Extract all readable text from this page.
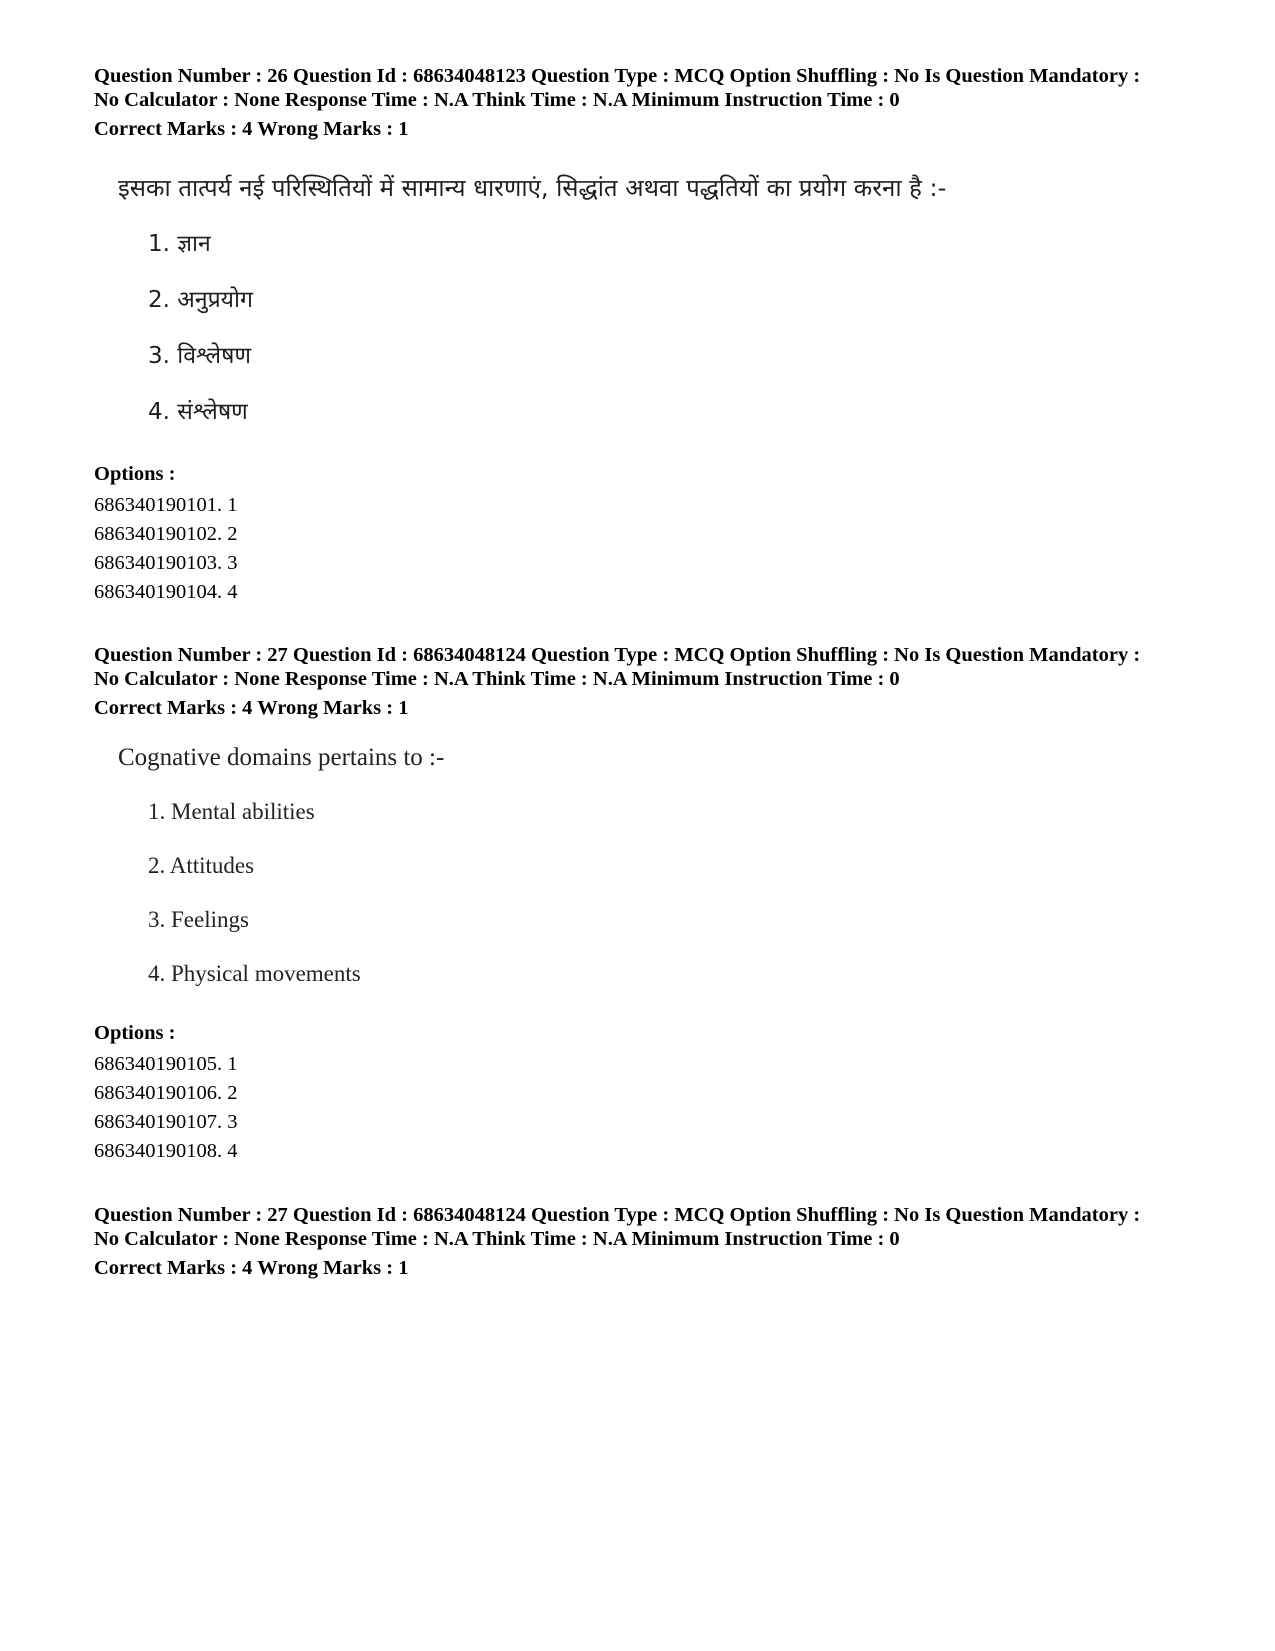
Question Number : 26 Question Id : 68634048123 Question Type : MCQ Option Shuffling : No Is Question Mandatory :
No Calculator : None Response Time : N.A Think Time : N.A Minimum Instruction Time : 0
Correct Marks : 4 Wrong Marks : 1
इसका तात्पर्य नई परिस्थितियों में सामान्य धारणाएं, सिद्धांत अथवा पद्धतियों का प्रयोग करना है :-
1. ज्ञान
2. अनुप्रयोग
3. विश्लेषण
4. संश्लेषण
Options :
686340190101. 1
686340190102. 2
686340190103. 3
686340190104. 4
Question Number : 27 Question Id : 68634048124 Question Type : MCQ Option Shuffling : No Is Question Mandatory :
No Calculator : None Response Time : N.A Think Time : N.A Minimum Instruction Time : 0
Correct Marks : 4 Wrong Marks : 1
Cognative domains pertains to :-
1. Mental abilities
2. Attitudes
3. Feelings
4. Physical movements
Options :
686340190105. 1
686340190106. 2
686340190107. 3
686340190108. 4
Question Number : 27 Question Id : 68634048124 Question Type : MCQ Option Shuffling : No Is Question Mandatory :
No Calculator : None Response Time : N.A Think Time : N.A Minimum Instruction Time : 0
Correct Marks : 4 Wrong Marks : 1
